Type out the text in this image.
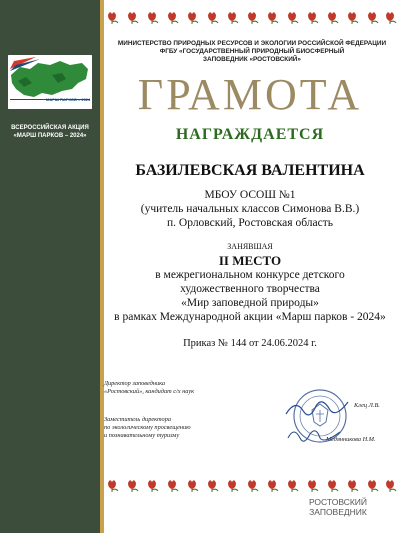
МАРШ ПАРКОВ – 2024
ВСЕРОССИЙСКАЯ АКЦИЯ
«МАРШ ПАРКОВ – 2024»
МИНИСТЕРСТВО ПРИРОДНЫХ РЕСУРСОВ И ЭКОЛОГИИ РОССИЙСКОЙ ФЕДЕРАЦИИ
ФГБУ «ГОСУДАРСТВЕННЫЙ ПРИРОДНЫЙ БИОСФЕРНЫЙ
ЗАПОВЕДНИК «РОСТОВСКИЙ»
ГРАМОТА
НАГРАЖДАЕТСЯ
БАЗИЛЕВСКАЯ ВАЛЕНТИНА
МБОУ ОСОШ №1
(учитель начальных классов Симонова В.В.)
п. Орловский, Ростовская область
ЗАНЯВШАЯ
II МЕСТО
в межрегиональном конкурсе детского
художественного творчества
«Мир заповедной природы»
в рамках Международной акции «Марш парков - 2024»
Приказ № 144 от 24.06.2024 г.
Директор заповедника
«Ростовский», кандидат с/х наук
Клец Л.В.
Заместитель директора
по экологическому просвещению
и познавательному туризму
Медянникова Н.М.
РОСТОВСКИЙ
ЗАПОВЕДНИК
